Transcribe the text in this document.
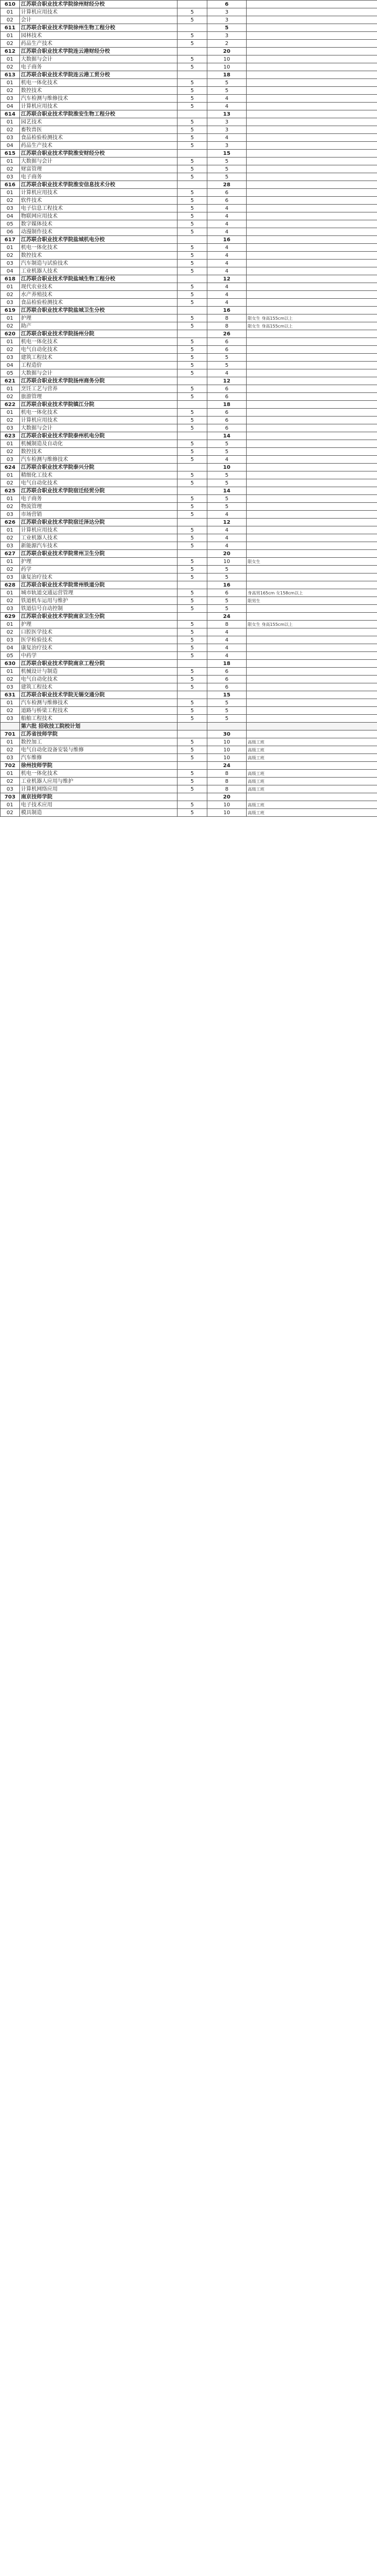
610	江苏联合职业技术学院徐州财经分校		6	
01	计算机应用技术	5	3	
02	会计	5	3	
611	江苏联合职业技术学院徐州生物工程分校		5	
01	园林技术	5	3	
02	药品生产技术	5	2	
612	江苏联合职业技术学院连云港财经分校		20	
01	大数据与会计	5	10	
02	电子商务	5	10	
613	江苏联合职业技术学院连云港工贸分校		18	
01	机电一体化技术	5	5	
02	数控技术	5	5	
03	汽车检测与维修技术	5	4	
04	计算机应用技术	5	4	
614	江苏联合职业技术学院淮安生物工程分校		13	
01	园艺技术	5	3	
02	畜牧兽医	5	3	
03	食品检验检测技术	5	4	
04	药品生产技术	5	3	
615	江苏联合职业技术学院淮安财经分校		15	
01	大数据与会计	5	5	
02	财富管理	5	5	
03	电子商务	5	5	
616	江苏联合职业技术学院淮安信息技术分校		28	
01	计算机应用技术	5	6	
02	软件技术	5	6	
03	电子信息工程技术	5	4	
04	物联网应用技术	5	4	
05	数字媒体技术	5	4	
06	动漫制作技术	5	4	
617	江苏联合职业技术学院盐城机电分校		16	
01	机电一体化技术	5	4	
02	数控技术	5	4	
03	汽车制造与试验技术	5	4	
04	工业机器人技术	5	4	
618	江苏联合职业技术学院盐城生物工程分校		12	
01	现代农业技术	5	4	
02	水产养殖技术	5	4	
03	食品检验检测技术	5	4	
619	江苏联合职业技术学院盐城卫生分校		16	
01	护理	5	8	限女生 身高155cm以上
02	助产	5	8	限女生 身高155cm以上
620	江苏联合职业技术学院扬州分院		26	
01	机电一体化技术	5	6	
02	电气自动化技术	5	6	
03	建筑工程技术	5	5	
04	工程造价	5	5	
05	大数据与会计	5	4	
621	江苏联合职业技术学院扬州商务分院		12	
01	烹饪工艺与营养	5	6	
02	旅游管理	5	6	
622	江苏联合职业技术学院镇江分院		18	
01	机电一体化技术	5	6	
02	计算机应用技术	5	6	
03	大数据与会计	5	6	
623	江苏联合职业技术学院泰州机电分院		14	
01	机械制造及自动化	5	5	
02	数控技术	5	5	
03	汽车检测与维修技术	5	4	
624	江苏联合职业技术学院泰兴分院		10	
01	精细化工技术	5	5	
02	电气自动化技术	5	5	
625	江苏联合职业技术学院宿迁经贸分院		14	
01	电子商务	5	5	
02	物流管理	5	5	
03	市场营销	5	4	
626	江苏联合职业技术学院宿迁泽达分院		12	
01	计算机应用技术	5	4	
02	工业机器人技术	5	4	
03	新能源汽车技术	5	4	
627	江苏联合职业技术学院常州卫生分院		20	
01	护理	5	10	限女生
02	药学	5	5	
03	康复治疗技术	5	5	
628	江苏联合职业技术学院常州铁道分院		16	
01	城市轨道交通运营管理	5	6	身高男165cm 女158cm以上
02	铁道机车运用与维护	5	5	限男生
03	铁道信号自动控制	5	5	
629	江苏联合职业技术学院南京卫生分院		24	
01	护理	5	8	限女生 身高155cm以上
02	口腔医学技术	5	4	
03	医学检验技术	5	4	
04	康复治疗技术	5	4	
05	中药学	5	4	
630	江苏联合职业技术学院南京工程分院		18	
01	机械设计与制造	5	6	
02	电气自动化技术	5	6	
03	建筑工程技术	5	6	
631	江苏联合职业技术学院无锡交通分院		15	
01	汽车检测与维修技术	5	5	
02	道路与桥梁工程技术	5	5	
03	船舶工程技术	5	5	
	第六批 招收技工院校计划			
701	江苏省技师学院		30	
01	数控加工	5	10	高级工班
02	电气自动化设备安装与维修	5	10	高级工班
03	汽车维修	5	10	高级工班
702	徐州技师学院		24	
01	机电一体化技术	5	8	高级工班
02	工业机器人应用与维护	5	8	高级工班
03	计算机网络应用	5	8	高级工班
703	南京技师学院		20	
01	电子技术应用	5	10	高级工班
02	模具制造	5	10	高级工班
